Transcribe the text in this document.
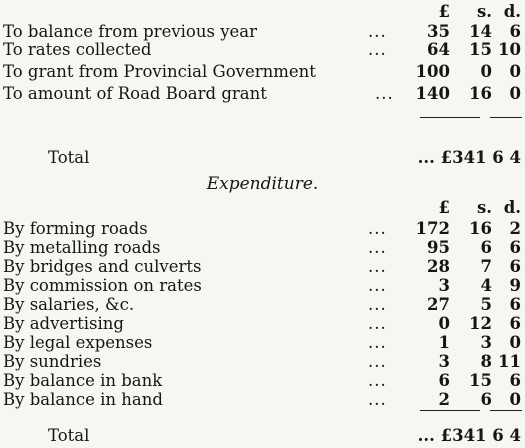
£ s. d.
To balance from previous year	... 35 14 6
To rates collected	... 64 15 10
To grant from Provincial Government	100 0 0
To amount of Road Board grant	... 140 16 0
Total	... £341 6 4
Expenditure.
£ s. d.
By forming roads	... 172 16 2
By metalling roads	... 95 6 6
By bridges and culverts	... 28 7 6
By commission on rates	...	3 4 9
By salaries, &c.	... 27 5 6
By advertising	...	0 12 6
By legal expenses	...	1 3 0
By sundries	...	3 8 11
By balance in bank	...	6 15 6
By balance in hand	...	2 6 0
Total	... £341 6 4
